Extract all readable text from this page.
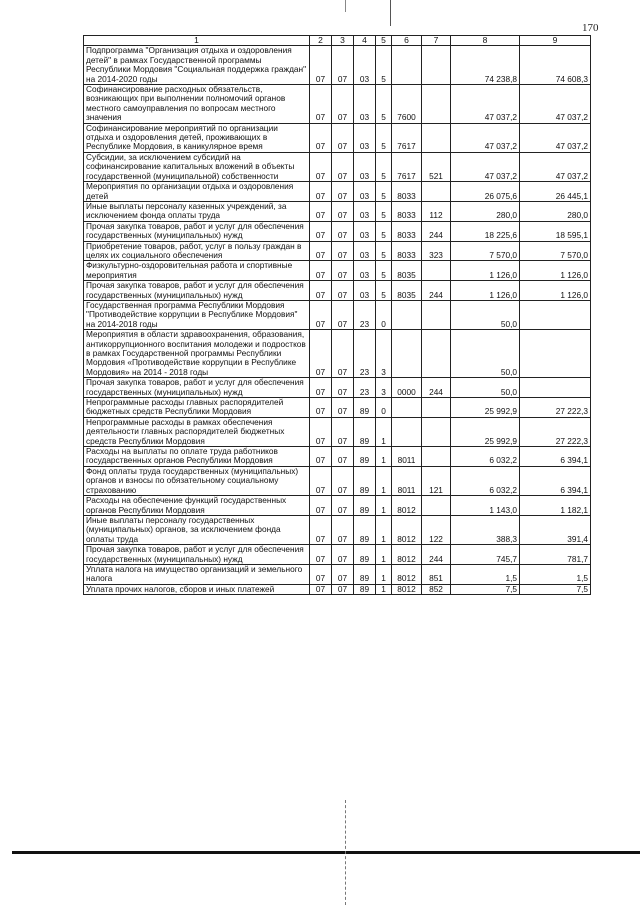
170
1	2	3	4	5	6	7	8	9
Подпрограмма "Организация отдыха и оздоровления детей" в рамках Государственной программы Республики Мордовия "Социальная поддержка граждан" на 2014-2020 годы	07	07	03	5			74 238,8	74 608,3
Софинансирование расходных обязательств, возникающих при выполнении полномочий органов местного самоуправления по вопросам местного значения	07	07	03	5	7600		47 037,2	47 037,2
Софинансирование мероприятий по организации отдыха и оздоровления детей, проживающих в Республике Мордовия, в каникулярное время	07	07	03	5	7617		47 037,2	47 037,2
Субсидии, за исключением субсидий на софинансирование капитальных вложений в объекты государственной (муниципальной) собственности	07	07	03	5	7617	521	47 037,2	47 037,2
Мероприятия по организации отдыха и оздоровления детей	07	07	03	5	8033		26 075,6	26 445,1
Иные выплаты персоналу казенных учреждений, за исключением фонда оплаты труда	07	07	03	5	8033	112	280,0	280,0
Прочая закупка товаров, работ и услуг для обеспечения государственных (муниципальных) нужд	07	07	03	5	8033	244	18 225,6	18 595,1
Приобретение товаров, работ, услуг в пользу граждан в целях их социального обеспечения	07	07	03	5	8033	323	7 570,0	7 570,0
Физкультурно-оздоровительная работа и спортивные мероприятия	07	07	03	5	8035		1 126,0	1 126,0
Прочая закупка товаров, работ и услуг для обеспечения государственных (муниципальных) нужд	07	07	03	5	8035	244	1 126,0	1 126,0
Государственная программа Республики Мордовия "Противодействие коррупции в Республике Мордовия" на 2014-2018 годы	07	07	23	0			50,0	
Мероприятия в области здравоохранения, образования, антикоррупционного воспитания молодежи и подростков в рамках Государственной программы Республики Мордовия «Противодействие коррупции в Республике Мордовия» на 2014 - 2018 годы	07	07	23	3			50,0	
Прочая закупка товаров, работ и услуг для обеспечения государственных (муниципальных) нужд	07	07	23	3	0000	244	50,0	
Непрограммные расходы главных распорядителей бюджетных средств Республики Мордовия	07	07	89	0			25 992,9	27 222,3
Непрограммные расходы в рамках обеспечения деятельности главных распорядителей бюджетных средств Республики Мордовия	07	07	89	1			25 992,9	27 222,3
Расходы на выплаты по оплате труда работников государственных органов Республики Мордовия	07	07	89	1	8011		6 032,2	6 394,1
Фонд оплаты труда государственных (муниципальных) органов и взносы по обязательному социальному страхованию	07	07	89	1	8011	121	6 032,2	6 394,1
Расходы на обеспечение функций государственных органов Республики Мордовия	07	07	89	1	8012		1 143,0	1 182,1
Иные выплаты персоналу государственных (муниципальных) органов, за исключением фонда оплаты труда	07	07	89	1	8012	122	388,3	391,4
Прочая закупка товаров, работ и услуг для обеспечения государственных (муниципальных) нужд	07	07	89	1	8012	244	745,7	781,7
Уплата налога на имущество организаций и земельного налога	07	07	89	1	8012	851	1,5	1,5
Уплата прочих налогов, сборов и иных платежей	07	07	89	1	8012	852	7,5	7,5
